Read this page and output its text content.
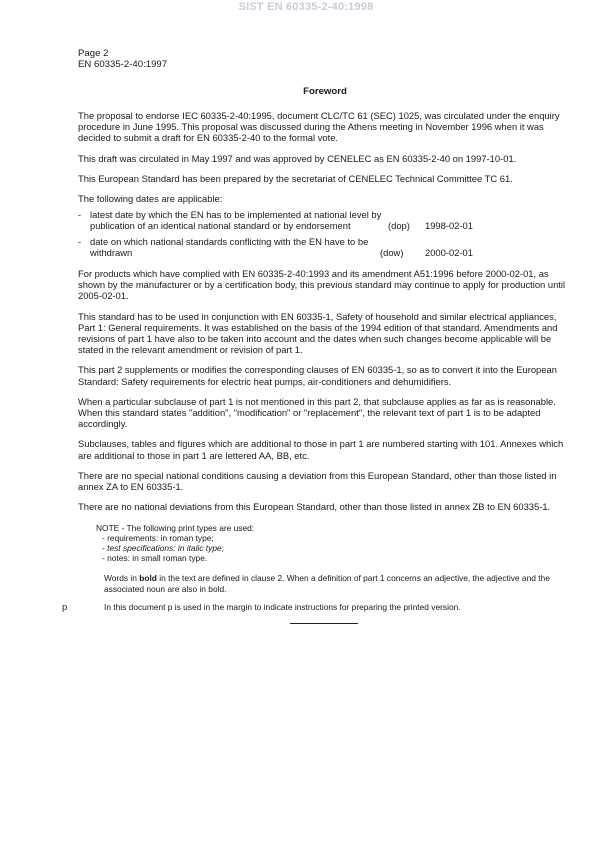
SIST EN 60335-2-40:1998
Page 2
EN 60335-2-40:1997
Foreword

The proposal to endorse IEC 60335-2-40:1995, document CLC/TC 61 (SEC) 1025, was circulated under the enquiry procedure in June 1995. This proposal was discussed during the Athens meeting in November 1996 when it was decided to submit a draft for EN 60335-2-40 to the formal vote.

This draft was circulated in May 1997 and was approved by CENELEC as EN 60335-2-40 on 1997-10-01.

This European Standard has been prepared by the secretariat of CENELEC Technical Committee TC 61.

The following dates are applicable:

- latest date by which the EN has to be implemented at national level by publication of an identical national standard or by endorsement	(dop)	1998-02-01
- date on which national standards conflicting with the EN have to be withdrawn	(dow)	2000-02-01

For products which have complied with EN 60335-2-40:1993 and its amendment A51:1996 before 2000-02-01, as shown by the manufacturer or by a certification body, this previous standard may continue to apply for production until 2005-02-01.

This standard has to be used in conjunction with EN 60335-1, Safety of household and similar electrical appliances, Part 1: General requirements. It was established on the basis of the 1994 edition of that standard. Amendments and revisions of part 1 have also to be taken into account and the dates when such changes become applicable will be stated in the relevant amendment or revision of part 1.

This part 2 supplements or modifies the corresponding clauses of EN 60335-1, so as to convert it into the European Standard: Safety requirements for electric heat pumps, air-conditioners and dehumidifiers.

When a particular subclause of part 1 is not mentioned in this part 2, that subclause applies as far as is reasonable. When this standard states "addition", "modification" or "replacement", the relevant text of part 1 is to be adapted accordingly.

Subclauses, tables and figures which are additional to those in part 1 are numbered starting with 101. Annexes which are additional to those in part 1 are lettered AA, BB, etc.

There are no special national conditions causing a deviation from this European Standard, other than those listed in annex ZA to EN 60335-1.

There are no national deviations from this European Standard, other than those listed in annex ZB to EN 60335-1.

NOTE - The following print types are used:
- requirements: in roman type;
- test specifications: in italic type;
- notes: in small roman type.
Words in bold in the text are defined in clause 2. When a definition of part 1 concerns an adjective, the adjective and the associated noun are also in bold.
p	In this document p is used in the margin to indicate instructions for preparing the printed version.
